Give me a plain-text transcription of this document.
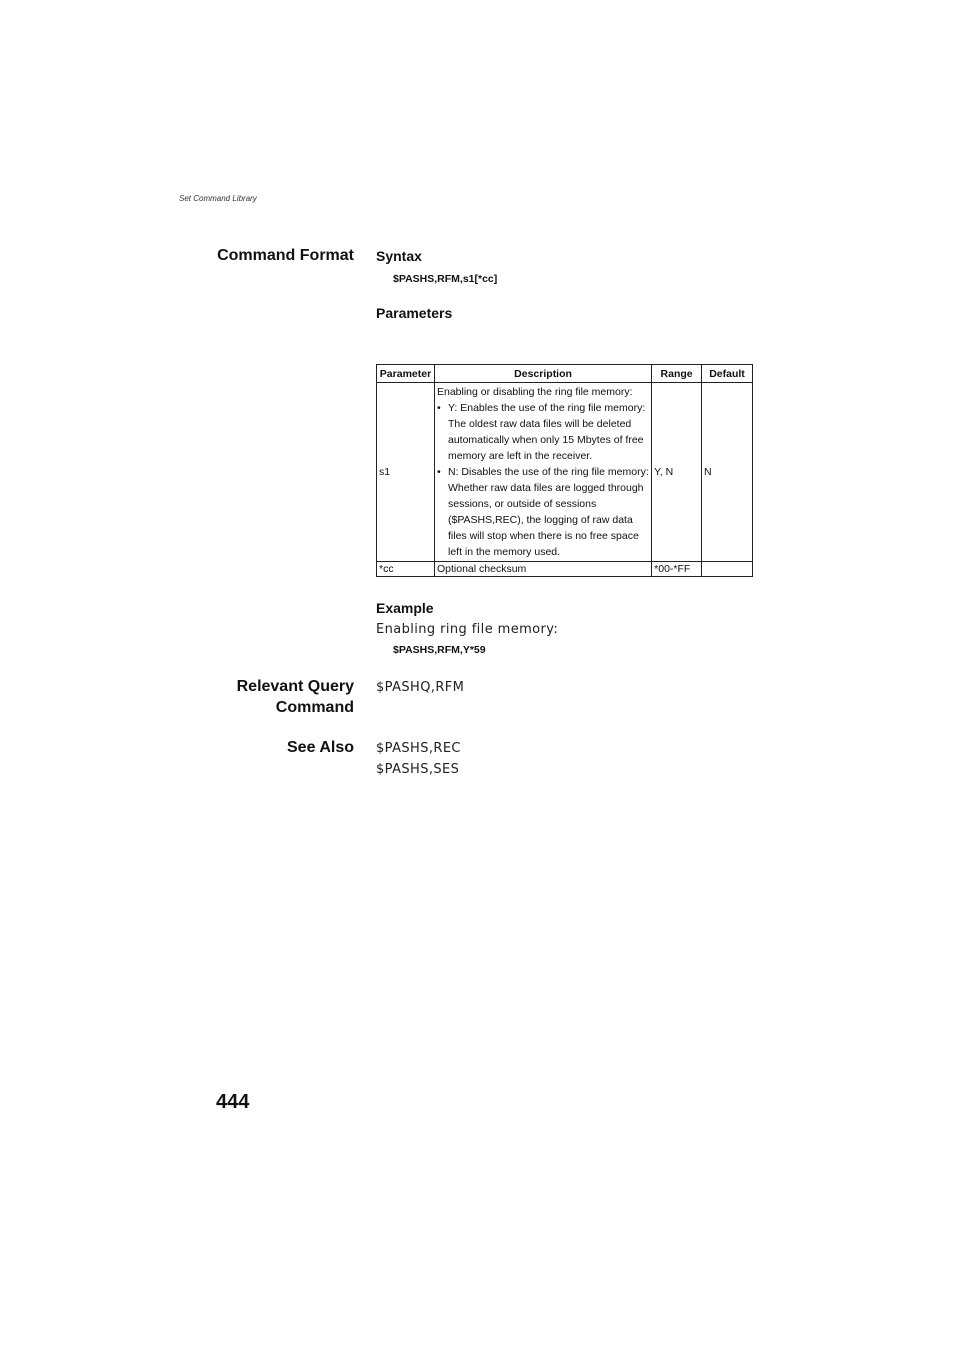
Set Command Library
Command Format Syntax
$PASHS,RFM,s1[*cc]
Parameters
Parameter	Description	Range	Default
s1	Enabling or disabling the ring file memory:
• Y: Enables the use of the ring file memory: The oldest raw data files will be deleted automatically when only 15 Mbytes of free memory are left in the receiver.
• N: Disables the use of the ring file memory: Whether raw data files are logged through sessions, or outside of sessions ($PASHS,REC), the logging of raw data files will stop when there is no free space left in the memory used.	Y, N	N
*cc	Optional checksum	*00-*FF	
Example
Enabling ring file memory:
$PASHS,RFM,Y*59
Relevant Query
Command
$PASHQ,RFM
See Also $PASHS,REC
$PASHS,SES
444
